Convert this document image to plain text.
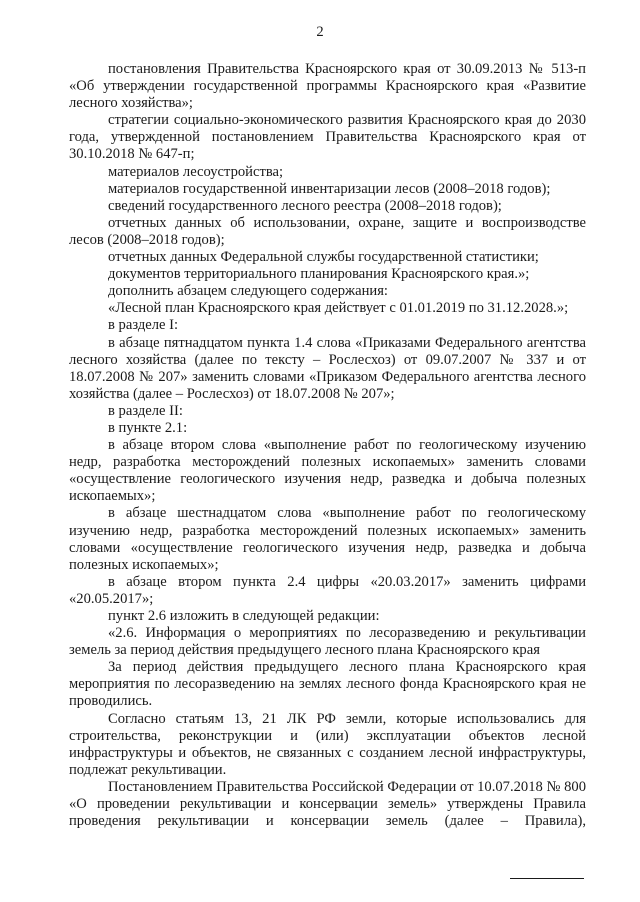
2

постановления Правительства Красноярского края от 30.09.2013 № 513-п «Об утверждении государственной программы Красноярского края «Развитие лесного хозяйства»;

стратегии социально-экономического развития Красноярского края до 2030 года, утвержденной постановлением Правительства Красноярского края от 30.10.2018 № 647-п;

материалов лесоустройства;

материалов государственной инвентаризации лесов (2008–2018 годов);

сведений государственного лесного реестра (2008–2018 годов);

отчетных данных об использовании, охране, защите и воспроизводстве лесов (2008–2018 годов);

отчетных данных Федеральной службы государственной статистики;

документов территориального планирования Красноярского края.»;

дополнить абзацем следующего содержания:

«Лесной план Красноярского края действует с 01.01.2019 по 31.12.2028.»;

в разделе I:

в абзаце пятнадцатом пункта 1.4 слова «Приказами Федерального агентства лесного хозяйства (далее по тексту – Рослесхоз) от 09.07.2007 № 337 и от 18.07.2008 № 207» заменить словами «Приказом Федерального агентства лесного хозяйства (далее – Рослесхоз) от 18.07.2008 № 207»;

в разделе II:

в пункте 2.1:

в абзаце втором слова «выполнение работ по геологическому изучению недр, разработка месторождений полезных ископаемых» заменить словами «осуществление геологического изучения недр, разведка и добыча полезных ископаемых»;

в абзаце шестнадцатом слова «выполнение работ по геологическому изучению недр, разработка месторождений полезных ископаемых» заменить словами «осуществление геологического изучения недр, разведка и добыча полезных ископаемых»;

в абзаце втором пункта 2.4 цифры «20.03.2017» заменить цифрами «20.05.2017»;

пункт 2.6 изложить в следующей редакции:

«2.6. Информация о мероприятиях по лесоразведению и рекультивации земель за период действия предыдущего лесного плана Красноярского края

За период действия предыдущего лесного плана Красноярского края мероприятия по лесоразведению на землях лесного фонда Красноярского края не проводились.

Согласно статьям 13, 21 ЛК РФ земли, которые использовались для строительства, реконструкции и (или) эксплуатации объектов лесной инфраструктуры и объектов, не связанных с созданием лесной инфраструктуры, подлежат рекультивации.

Постановлением Правительства Российской Федерации от 10.07.2018 № 800 «О проведении рекультивации и консервации земель» утверждены Правила проведения рекультивации и консервации земель (далее – Правила),
